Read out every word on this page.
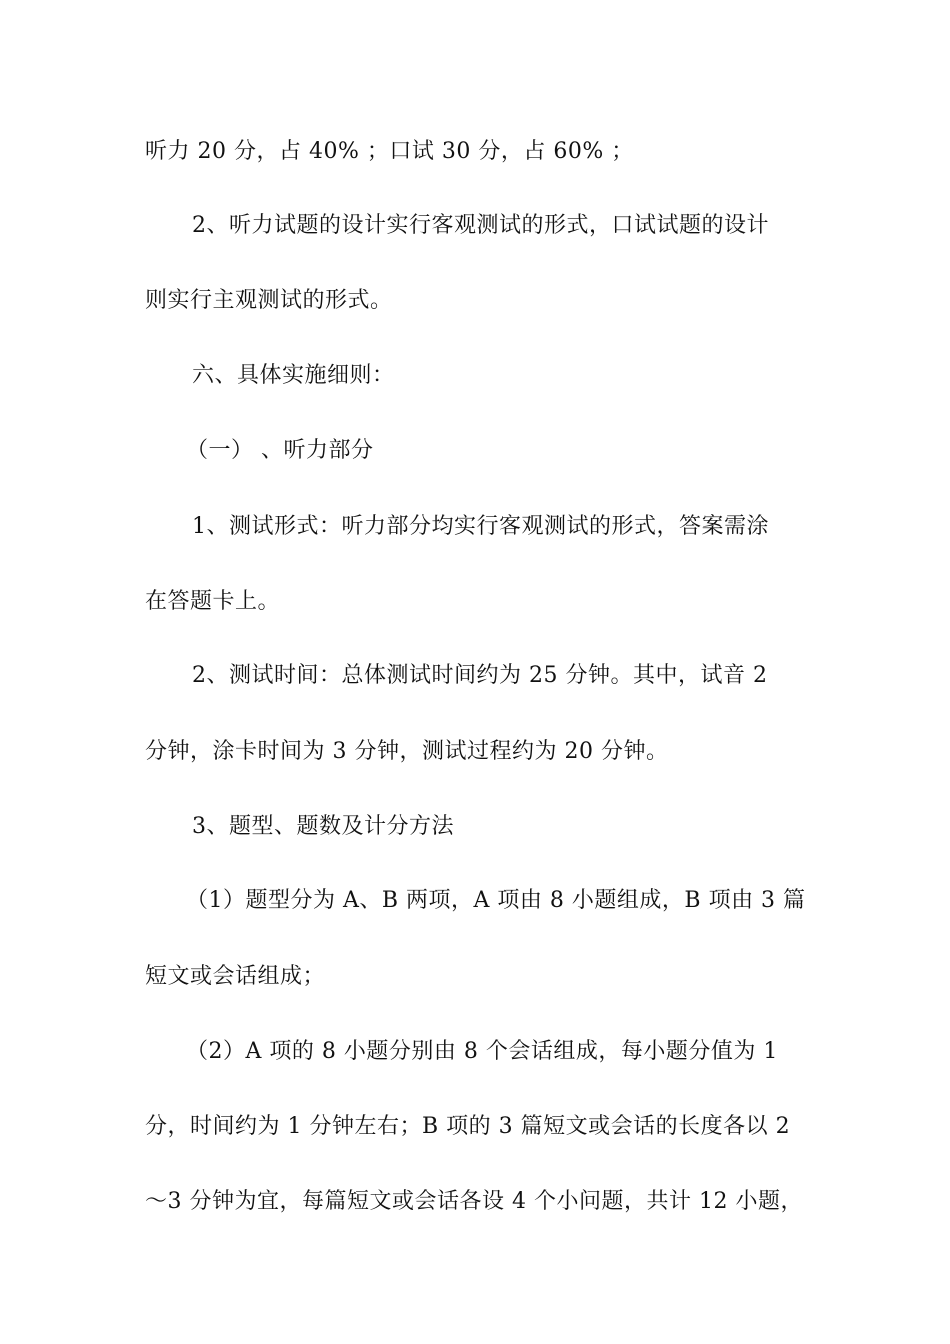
听力 20 分，占 40% ；口试 30 分，占 60% ；
2、听力试题的设计实行客观测试的形式，口试试题的设计
则实行主观测试的形式。
六、具体实施细则：
（一） 、听力部分
1、测试形式：听力部分均实行客观测试的形式，答案需涂
在答题卡上。
2、测试时间：总体测试时间约为 25 分钟。其中，试音 2
分钟，涂卡时间为 3 分钟，测试过程约为 20 分钟。
3、题型、题数及计分方法
（1）题型分为 A、B 两项，A 项由 8 小题组成，B 项由 3 篇
短文或会话组成；
（2）A 项的 8 小题分别由 8 个会话组成，每小题分值为 1
分，时间约为 1 分钟左右；B 项的 3 篇短文或会话的长度各以 2
～3 分钟为宜，每篇短文或会话各设 4 个小问题，共计 12 小题，
